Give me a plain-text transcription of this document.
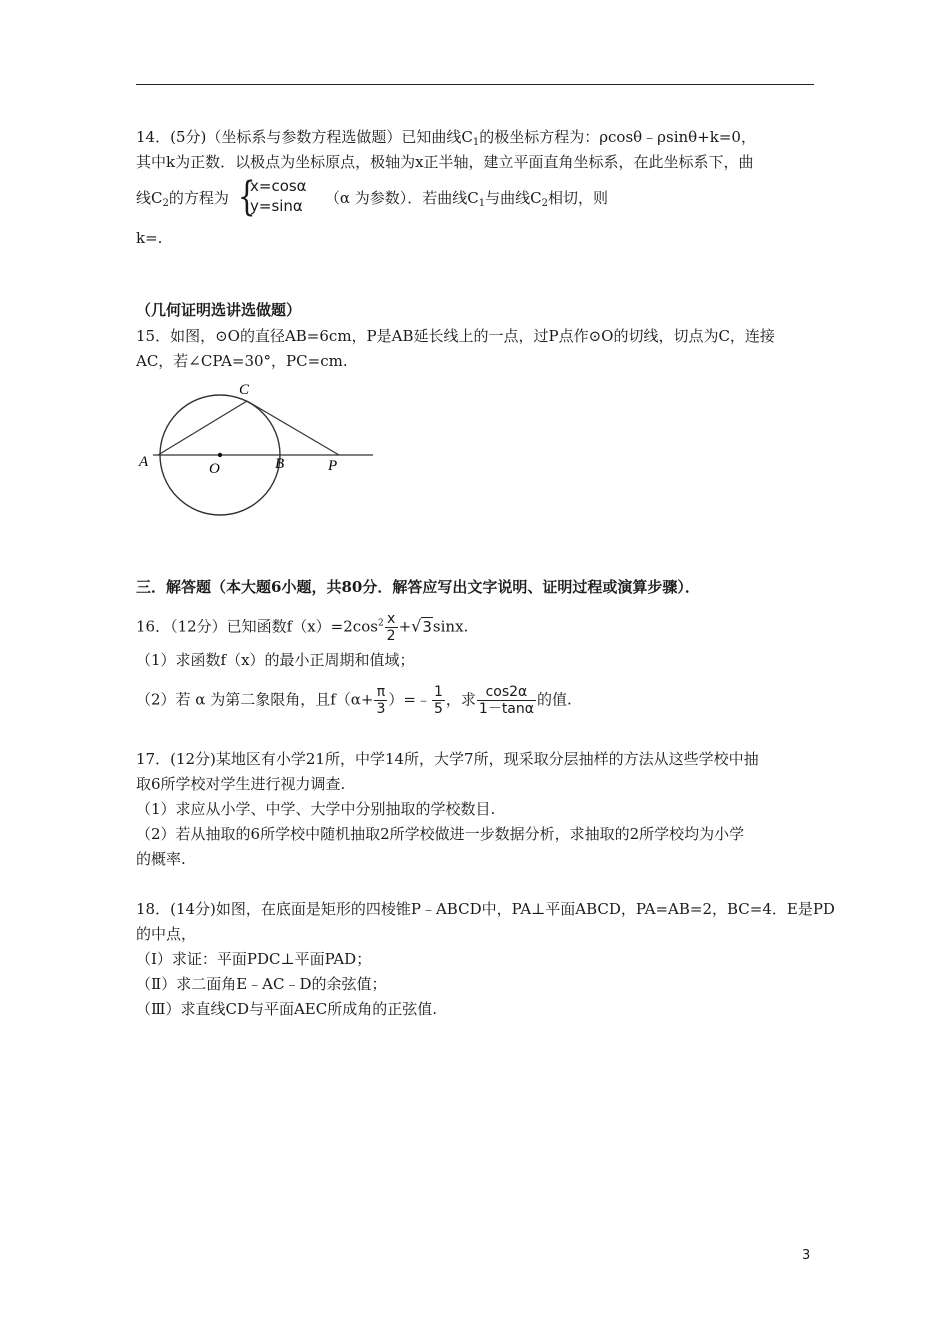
14．(5分)（坐标系与参数方程选做题）已知曲线$C_1$的极坐标方程为：ρcosθ﹣ρsinθ+k=0，
其中k为正数．以极点为坐标原点，极轴为x正半轴，建立平面直角坐标系，在此坐标系下，曲
线$C_2$的方程为	（α 为参数）．若曲线$C_1$与曲线$C_2$相切，则
{
x=cosα
y=sinα
k=.
（几何证明选讲选做题）
15．如图，⊙O的直径AB=6cm，P是AB延长线上的一点，过P点作⊙O的切线，切点为C，连接
AC，若∠CPA=30°，PC=cm.
A	O	B	P
C
三．解答题（本大题6小题，共80分．解答应写出文字说明、证明过程或演算步骤）．
16．（12分）已知函数$f(x)=2\cos^2 \frac{x}{2} +√3\sin x$.
（1）求函数f（x）的最小正周期和值域；
（2）若 α 为第二象限角，且$f(\alpha+ \frac{\pi}{3}$ ）=﹣ $\frac{1}{5}$ ，求 $\frac{\cos 2\alpha}{1-\tan\alpha}$ 的值.
17．(12分)某地区有小学21所，中学14所，大学7所，现采取分层抽样的方法从这些学校中抽
取6所学校对学生进行视力调查.
（1）求应从小学、中学、大学中分别抽取的学校数目.
（2）若从抽取的6所学校中随机抽取2所学校做进一步数据分析，求抽取的2所学校均为小学
的概率.
18．(14分)如图，在底面是矩形的四棱锥P﹣ABCD中，PA⊥平面ABCD，PA=AB=2，BC=4．E是PD
的中点，
（Ⅰ）求证：平面PDC⊥平面PAD；
（Ⅱ）求二面角E﹣AC﹣D的余弦值；
（Ⅲ）求直线CD与平面AEC所成角的正弦值.
3
